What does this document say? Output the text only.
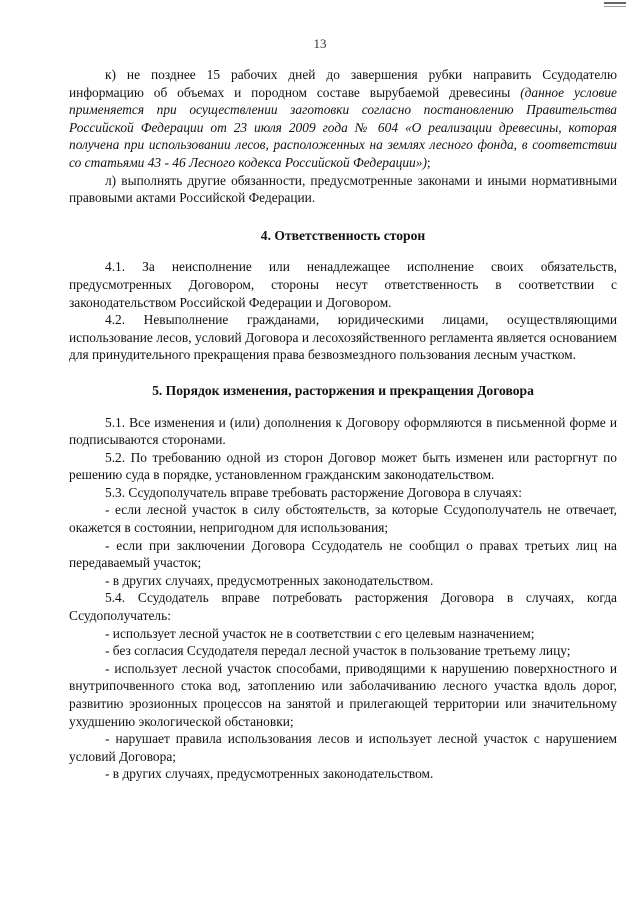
13

к) не позднее 15 рабочих дней до завершения рубки направить Ссудодателю информацию об объемах и породном составе вырубаемой древесины (данное условие применяется при осуществлении заготовки согласно постановлению Правительства Российской Федерации от 23 июля 2009 года № 604 «О реализации древесины, которая получена при использовании лесов, расположенных на землях лесного фонда, в соответствии со статьями 43 - 46 Лесного кодекса Российской Федерации»);

л) выполнять другие обязанности, предусмотренные законами и иными нормативными правовыми актами Российской Федерации.

4. Ответственность сторон

4.1. За неисполнение или ненадлежащее исполнение своих обязательств, предусмотренных Договором, стороны несут ответственность в соответствии с законодательством Российской Федерации и Договором.

4.2. Невыполнение гражданами, юридическими лицами, осуществляющими использование лесов, условий Договора и лесохозяйственного регламента является основанием для принудительного прекращения права безвозмездного пользования лесным участком.

5. Порядок изменения, расторжения и прекращения Договора

5.1. Все изменения и (или) дополнения к Договору оформляются в письменной форме и подписываются сторонами.

5.2. По требованию одной из сторон Договор может быть изменен или расторгнут по решению суда в порядке, установленном гражданским законодательством.

5.3. Ссудополучатель вправе требовать расторжение Договора в случаях:

- если лесной участок в силу обстоятельств, за которые Ссудополучатель не отвечает, окажется в состоянии, непригодном для использования;

- если при заключении Договора Ссудодатель не сообщил о правах третьих лиц на передаваемый участок;

- в других случаях, предусмотренных законодательством.

5.4. Ссудодатель вправе потребовать расторжения Договора в случаях, когда Ссудополучатель:

- использует лесной участок не в соответствии с его целевым назначением;

- без согласия Ссудодателя передал лесной участок в пользование третьему лицу;

- использует лесной участок способами, приводящими к нарушению поверхностного и внутрипочвенного стока вод, затоплению или заболачиванию лесного участка вдоль дорог, развитию эрозионных процессов на занятой и прилегающей территории или значительному ухудшению экологической обстановки;

- нарушает правила использования лесов и использует лесной участок с нарушением условий Договора;

- в других случаях, предусмотренных законодательством.
